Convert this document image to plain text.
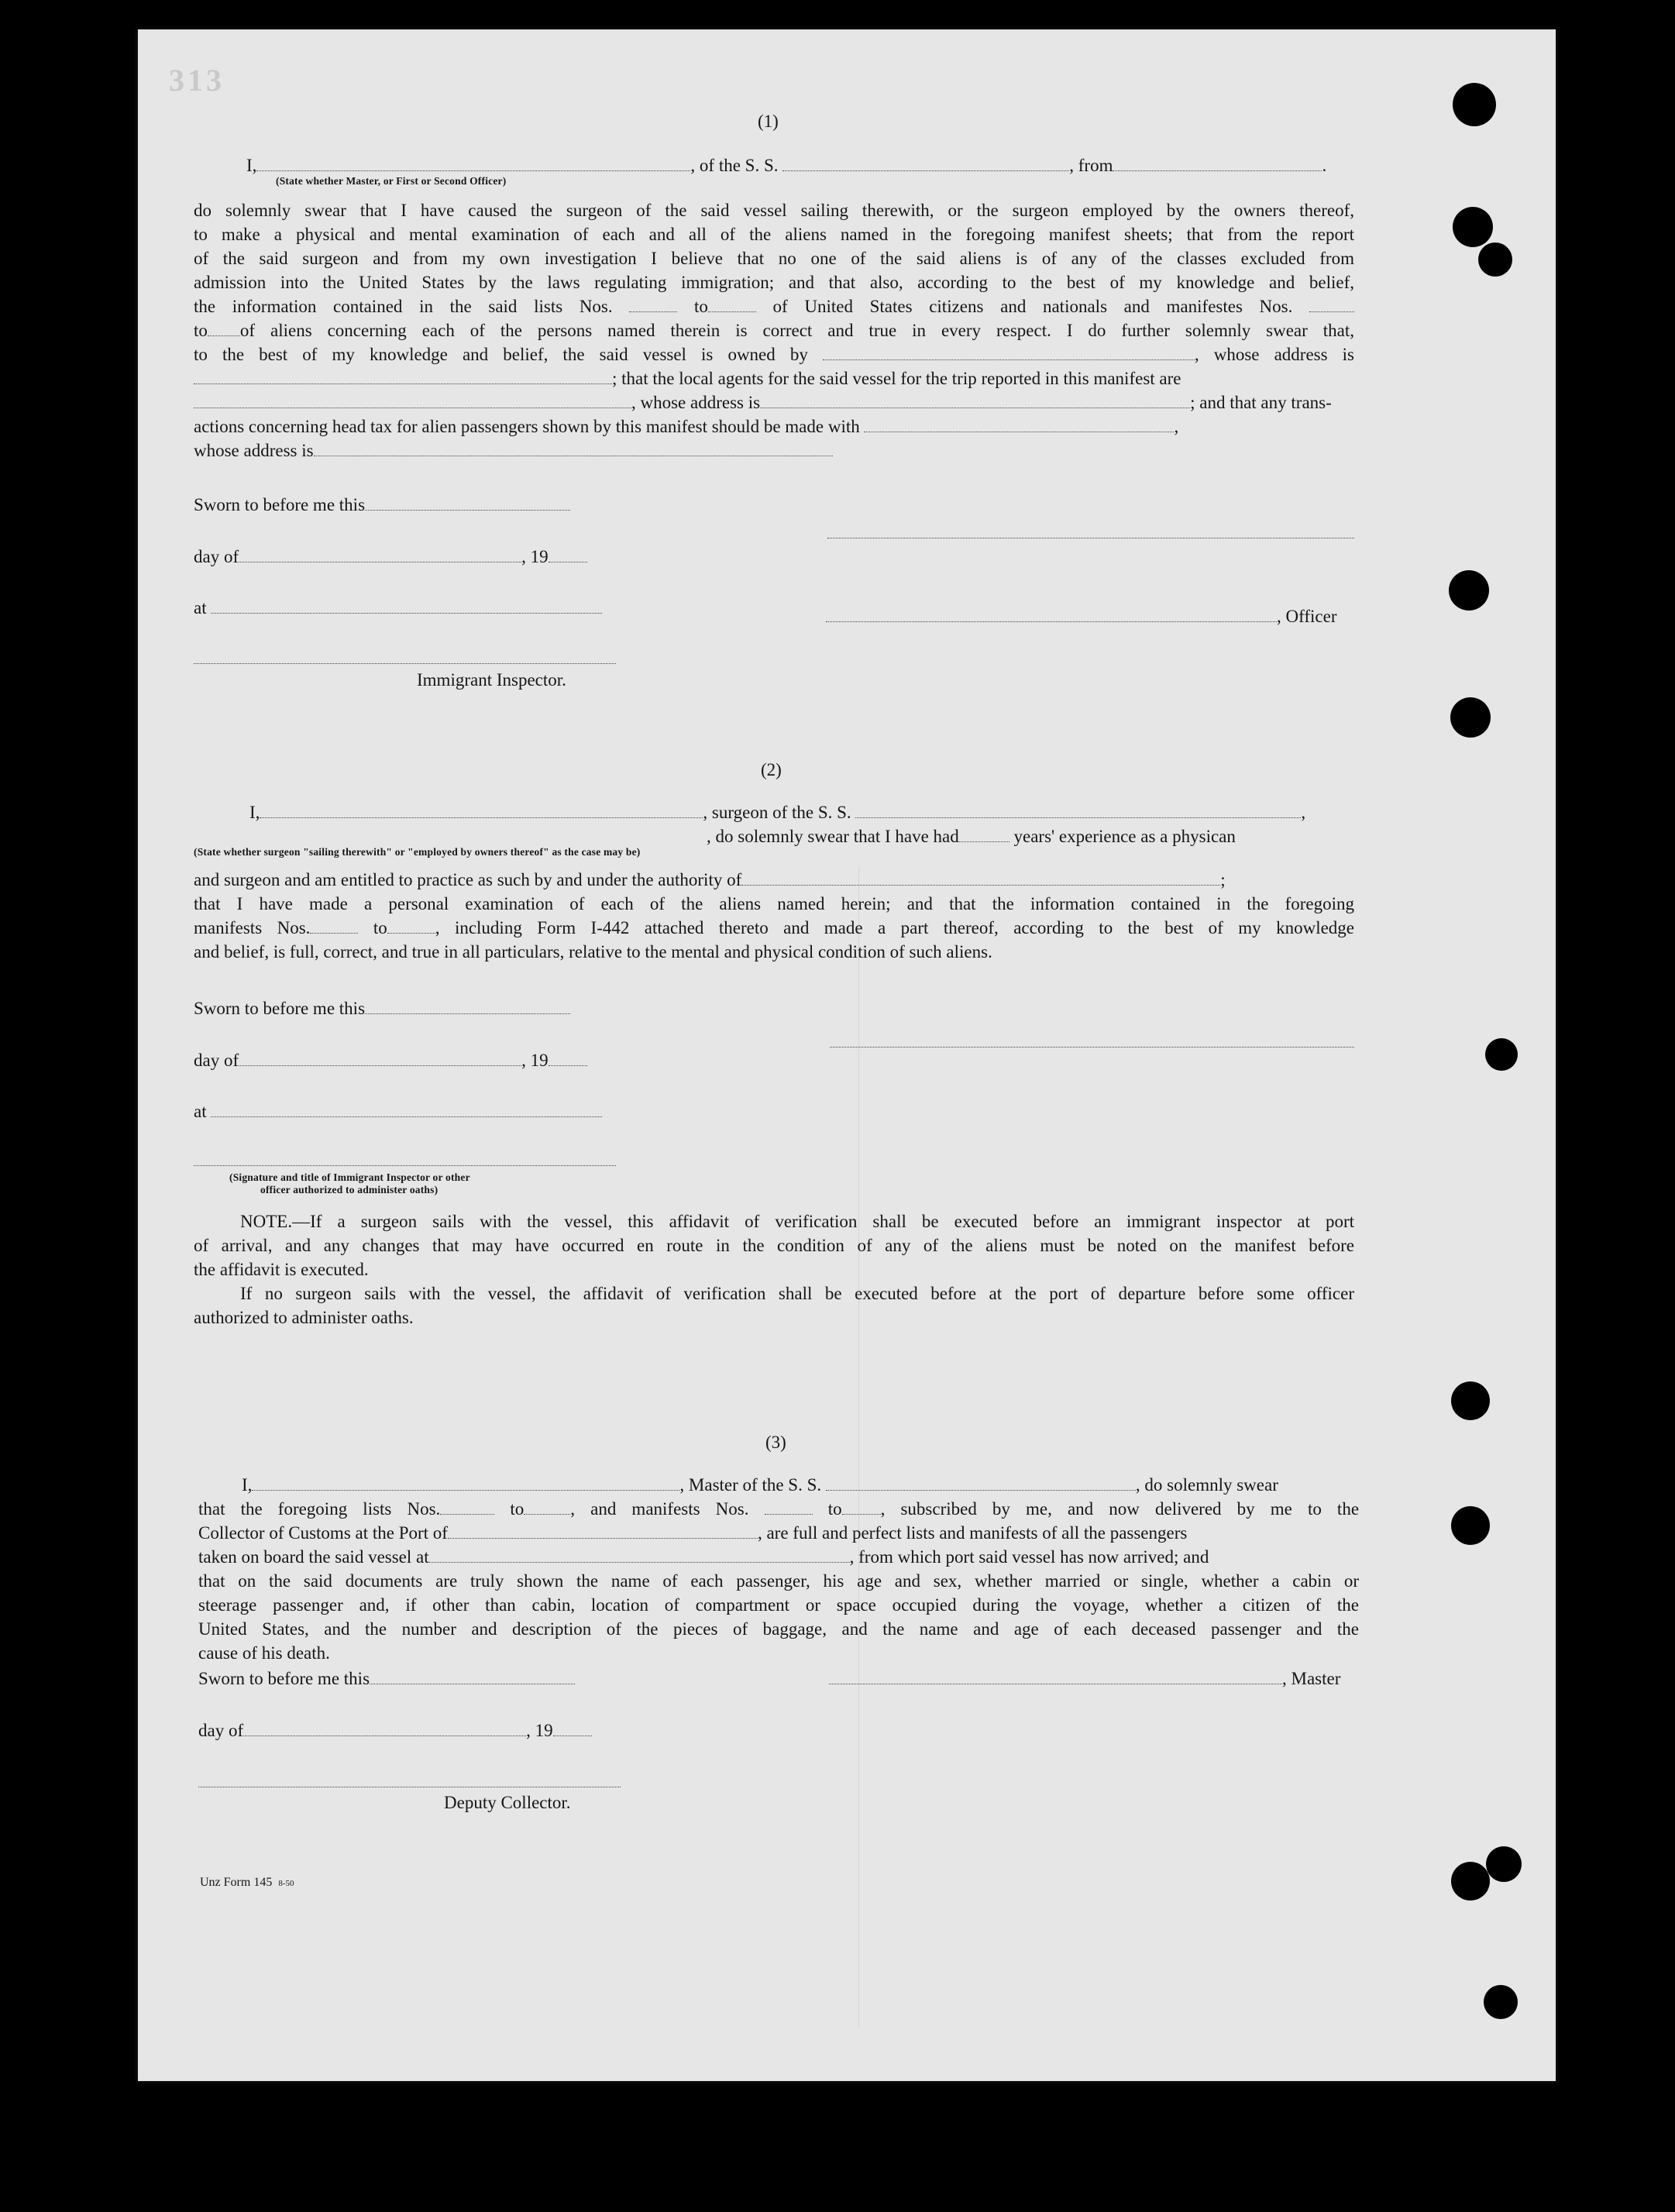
313
(1)
I,	, of the S. S.	, from	.
(State whether Master, or First or Second Officer)
do solemnly swear that I have caused the surgeon of the said vessel sailing therewith, or the surgeon employed by the owners thereof,
to make a physical and mental examination of each and all of the aliens named in the foregoing manifest sheets; that from the report
of the said surgeon and from my own investigation I believe that no one of the said aliens is of any of the classes excluded from
admission into the United States by the laws regulating immigration; and that also, according to the best of my knowledge and belief,
the information contained in the said lists Nos.	to	of United States citizens and nationals and manifestes Nos.
to of aliens concerning each of the persons named therein is correct and true in every respect. I do further solemnly swear that,
to the best of my knowledge and belief, the said vessel is owned by	, whose address is
; that the local agents for the said vessel for the trip reported in this manifest are
, whose address is	; and that any trans-
actions concerning head tax for alien passengers shown by this manifest should be made with	,
whose address is
Sworn to before me this
day of	, 19
at	, Officer
Immigrant Inspector.
(2)
I,	, surgeon of the S. S.	,
, do solemnly swear that I have had	years' experience as a physican
(State whether surgeon "sailing therewith" or "employed by owners thereof" as the case may be)
and surgeon and am entitled to practice as such by and under the authority of	;
that I have made a personal examination of each of the aliens named herein; and that the information contained in the foregoing
manifests Nos.	to	, including Form I-442 attached thereto and made a part thereof, according to the best of my knowledge
and belief, is full, correct, and true in all particulars, relative to the mental and physical condition of such aliens.
Sworn to before me this
day of	, 19
at
(Signature and title of Immigrant Inspector or other
officer authorized to administer oaths)
NOTE.—If a surgeon sails with the vessel, this affidavit of verification shall be executed before an immigrant inspector at port
of arrival, and any changes that may have occurred en route in the condition of any of the aliens must be noted on the manifest before
the affidavit is executed.
If no surgeon sails with the vessel, the affidavit of verification shall be executed before at the port of departure before some officer
authorized to administer oaths.
(3)
I,	, Master of the S. S.	, do solemnly swear
that the foregoing lists Nos.	to	, and manifests Nos.	to , subscribed by me, and now delivered by me to the
Collector of Customs at the Port of	, are full and perfect lists and manifests of all the passengers
taken on board the said vessel at	, from which port said vessel has now arrived; and
that on the said documents are truly shown the name of each passenger, his age and sex, whether married or single, whether a cabin or
steerage passenger and, if other than cabin, location of compartment or space occupied during the voyage, whether a citizen of the
United States, and the number and description of the pieces of baggage, and the name and age of each deceased passenger and the
cause of his death.
Sworn to before me this	, Master
day of	, 19
Deputy Collector.
Unz Form 145 8-50
